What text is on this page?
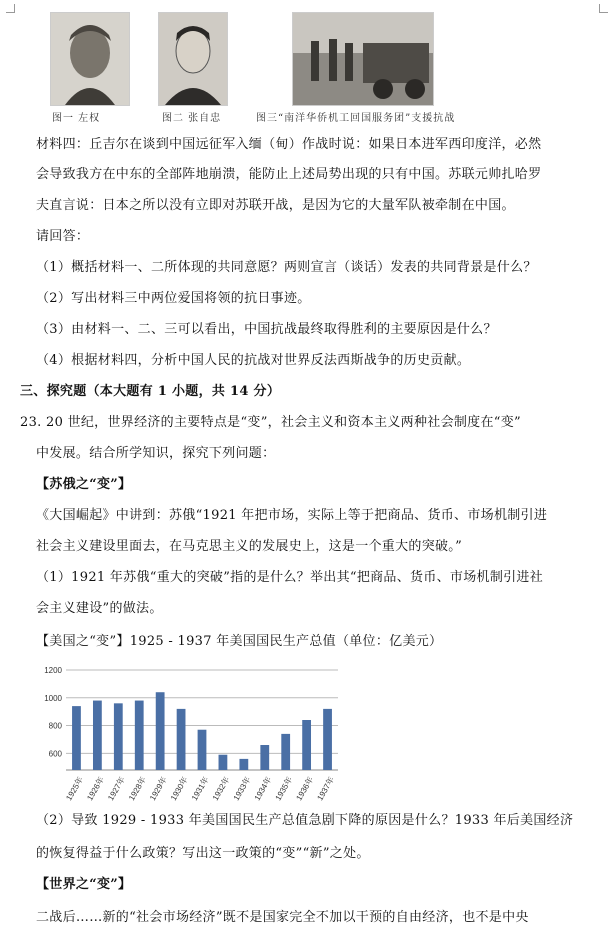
图一 左权	图二 张自忠	图三“南洋华侨机工回国服务团”支援抗战
材料四：丘吉尔在谈到中国远征军入缅（甸）作战时说：如果日本进军西印度洋，必然
会导致我方在中东的全部阵地崩溃，能防止上述局势出现的只有中国。苏联元帅扎哈罗
夫直言说：日本之所以没有立即对苏联开战，是因为它的大量军队被牵制在中国。
请回答：
（1）概括材料一、二所体现的共同意愿？两则宣言（谈话）发表的共同背景是什么？
（2）写出材料三中两位爱国将领的抗日事迹。
（3）由材料一、二、三可以看出，中国抗战最终取得胜利的主要原因是什么？
（4）根据材料四，分析中国人民的抗战对世界反法西斯战争的历史贡献。
三、探究题（本大题有 1 小题，共 14 分）
23. 20 世纪，世界经济的主要特点是“变”，社会主义和资本主义两种社会制度在“变”
中发展。结合所学知识，探究下列问题：
【苏俄之“变”】
《大国崛起》中讲到：苏俄“1921 年把市场，实际上等于把商品、货币、市场机制引进
社会主义建设里面去，在马克思主义的发展史上，这是一个重大的突破。”
（1）1921 年苏俄“重大的突破”指的是什么？举出其“把商品、货币、市场机制引进社
会主义建设”的做法。
【美国之“变”】1925 - 1937 年美国国民生产总值（单位：亿美元）
600
800
1000
1200
1925年 1926年 1927年 1928年 1929年 1930年 1931年 1932年 1933年 1934年 1935年 1936年 1937年
（2）导致 1929 - 1933 年美国国民生产总值急剧下降的原因是什么？1933 年后美国经济
的恢复得益于什么政策？写出这一政策的“变”“新”之处。
【世界之“变”】
二战后……新的“社会市场经济”既不是国家完全不加以干预的自由经济，也不是中央
